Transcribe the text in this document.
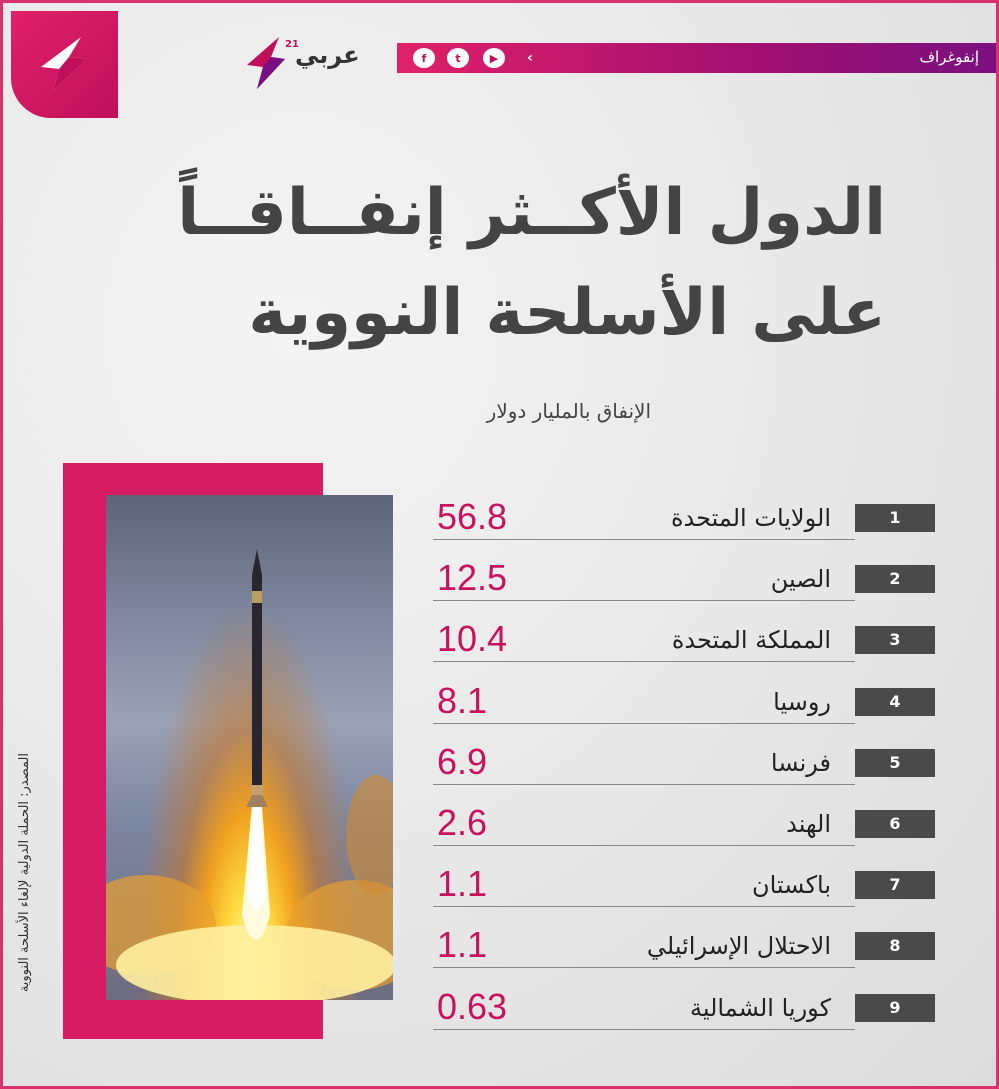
21
عربي	f	t	▶	‹	إنفوغراف
الدول الأكــثر إنفــاقــاً
على الأسلحة النووية
الإنفاق بالمليار دولار
المصدر: الحملة الدولية لإلغاء الأسلحة النووية
1
الولايات المتحدة
56.8
2
الصين
12.5
3
المملكة المتحدة
10.4
4
روسيا
8.1
5
فرنسا
6.9
6
الهند
2.6
7
باكستان
1.1
8
الاحتلال الإسرائيلي
1.1
9
كوريا الشمالية
0.63
